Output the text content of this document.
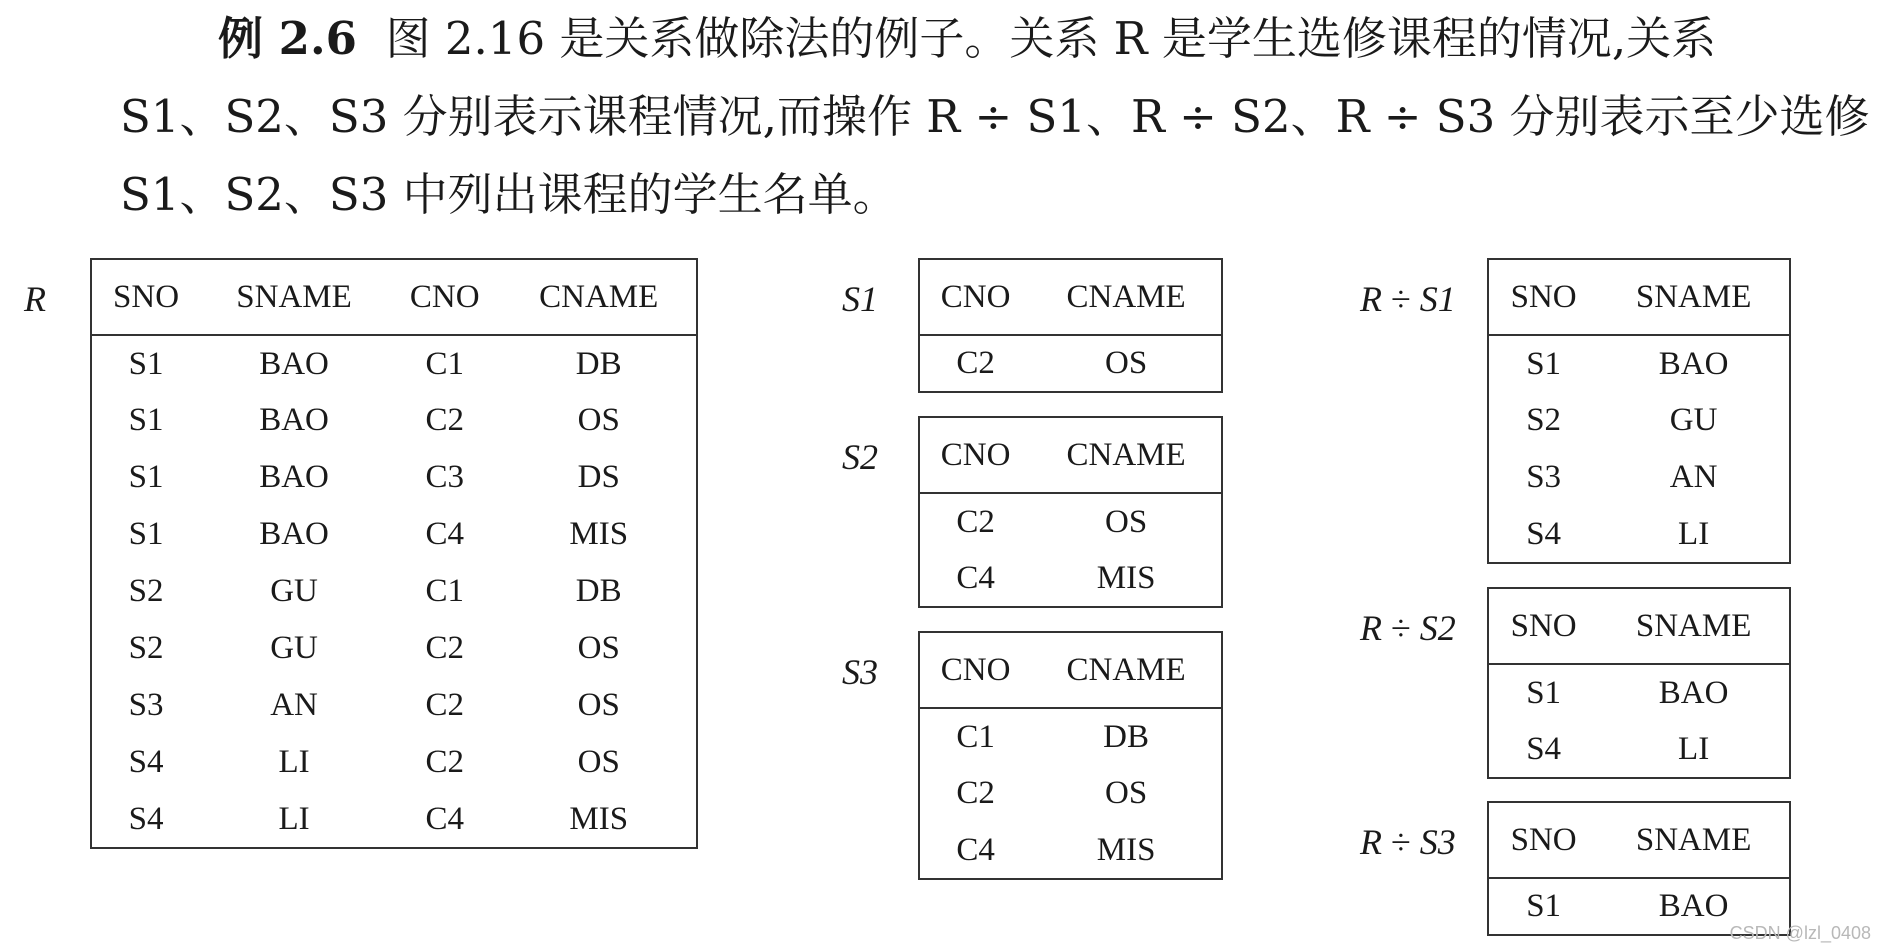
例 2.6 图 2.16 是关系做除法的例子。关系 R 是学生选修课程的情况,关系
S1、S2、S3 分别表示课程情况,而操作 R ÷ S1、R ÷ S2、R ÷ S3 分别表示至少选修
S1、S2、S3 中列出课程的学生名单。
R SNO	SNAME	CNO	CNAME
S1	BAO	C1	DB
S1	BAO	C2	OS
S1	BAO	C3	DS
S1	BAO	C4	MIS
S2	GU	C1	DB
S2	GU	C2	OS
S3	AN	C2	OS
S4	LI	C2	OS
S4	LI	C4	MIS
S1 CNO	CNAME
C2	OS
S2 CNO	CNAME
C2	OS
C4	MIS
S3 CNO	CNAME
C1	DB
C2	OS
C4	MIS
R ÷ S1 SNO	SNAME
S1	BAO
S2	GU
S3	AN
S4	LI
R ÷ S2 SNO	SNAME
S1	BAO
S4	LI
R ÷ S3 SNO	SNAME
S1	BAO
CSDN @lzl_0408
